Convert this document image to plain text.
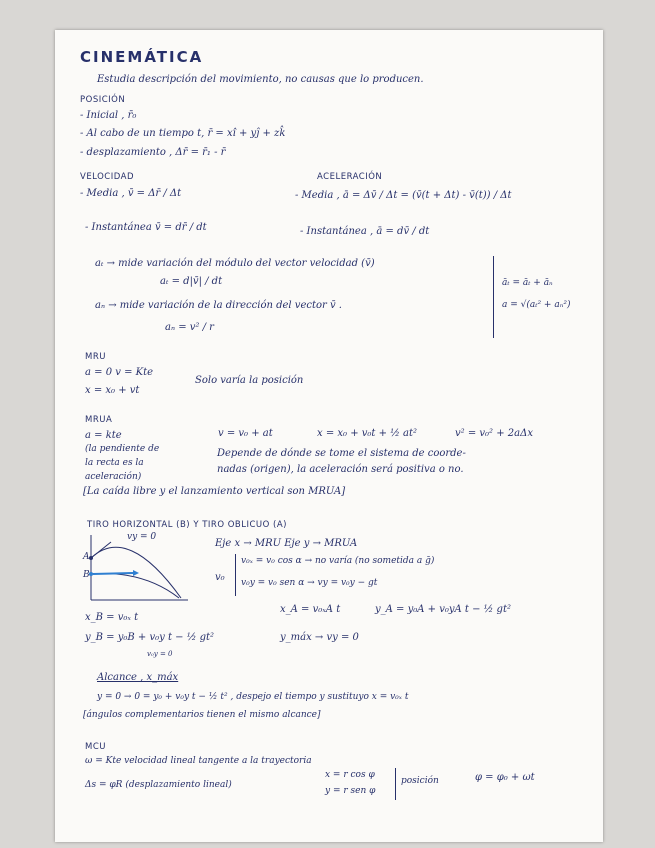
CINEMÁTICA
Estudia descripción del movimiento, no causas que lo producen.
POSICIÓN
- Inicial , r̄₀
- Al cabo de un tiempo t, r̄ = xî + yĵ + zk̂
- desplazamiento , Δr̄ = r̄₁ - r̄
VELOCIDAD
- Media , v̄ = Δr̄ / Δt
- Instantánea v̄ = dr̄ / dt
ACELERACIÓN
- Media , ā = Δv̄ / Δt = (v̄(t + Δt) - v̄(t)) / Δt
- Instantánea , ā = dv̄ / dt
aₜ → mide variación del módulo del vector velocidad (v̄)
aₜ = d|v̄| / dt
aₙ → mide variación de la dirección del vector v̄ .
aₙ = v² / r
āₜ = āₜ + āₙ
a = √(aₜ² + aₙ²)
MRU
a = 0 v = Kte
x = x₀ + vt
Solo varía la posición
MRUA
a = kte	v = v₀ + at	x = x₀ + v₀t + ½ at²	v² = v₀² + 2aΔx
(la pendiente de
la recta es la
aceleración)
Depende de dónde se tome el sistema de coorde-
nadas (origen), la aceleración será positiva o no.
[La caída libre y el lanzamiento vertical son MRUA]
TIRO HORIZONTAL (B) Y TIRO OBLICUO (A)
vy = 0
A
B
Eje x → MRU Eje y → MRUA
v₀
v₀ₓ = v₀ cos α → no varía (no sometida a ḡ)
v₀y = v₀ sen α → vy = v₀y − gt
x_B = v₀ₓ t
y_B = y₀B + v₀y t − ½ gt²
v₀y = 0
x_A = v₀ₓA t	y_A = y₀A + v₀yA t − ½ gt²
y_máx → vy = 0
Alcance , x_máx
y = 0 → 0 = y₀ + v₀y t − ½ t² , despejo el tiempo y sustituyo x = v₀ₓ t
[ángulos complementarios tienen el mismo alcance]
MCU
ω = Kte velocidad lineal tangente a la trayectoria
Δs = φR (desplazamiento lineal)
x = r cos φ
y = r sen φ
posición	φ = φ₀ + ωt
